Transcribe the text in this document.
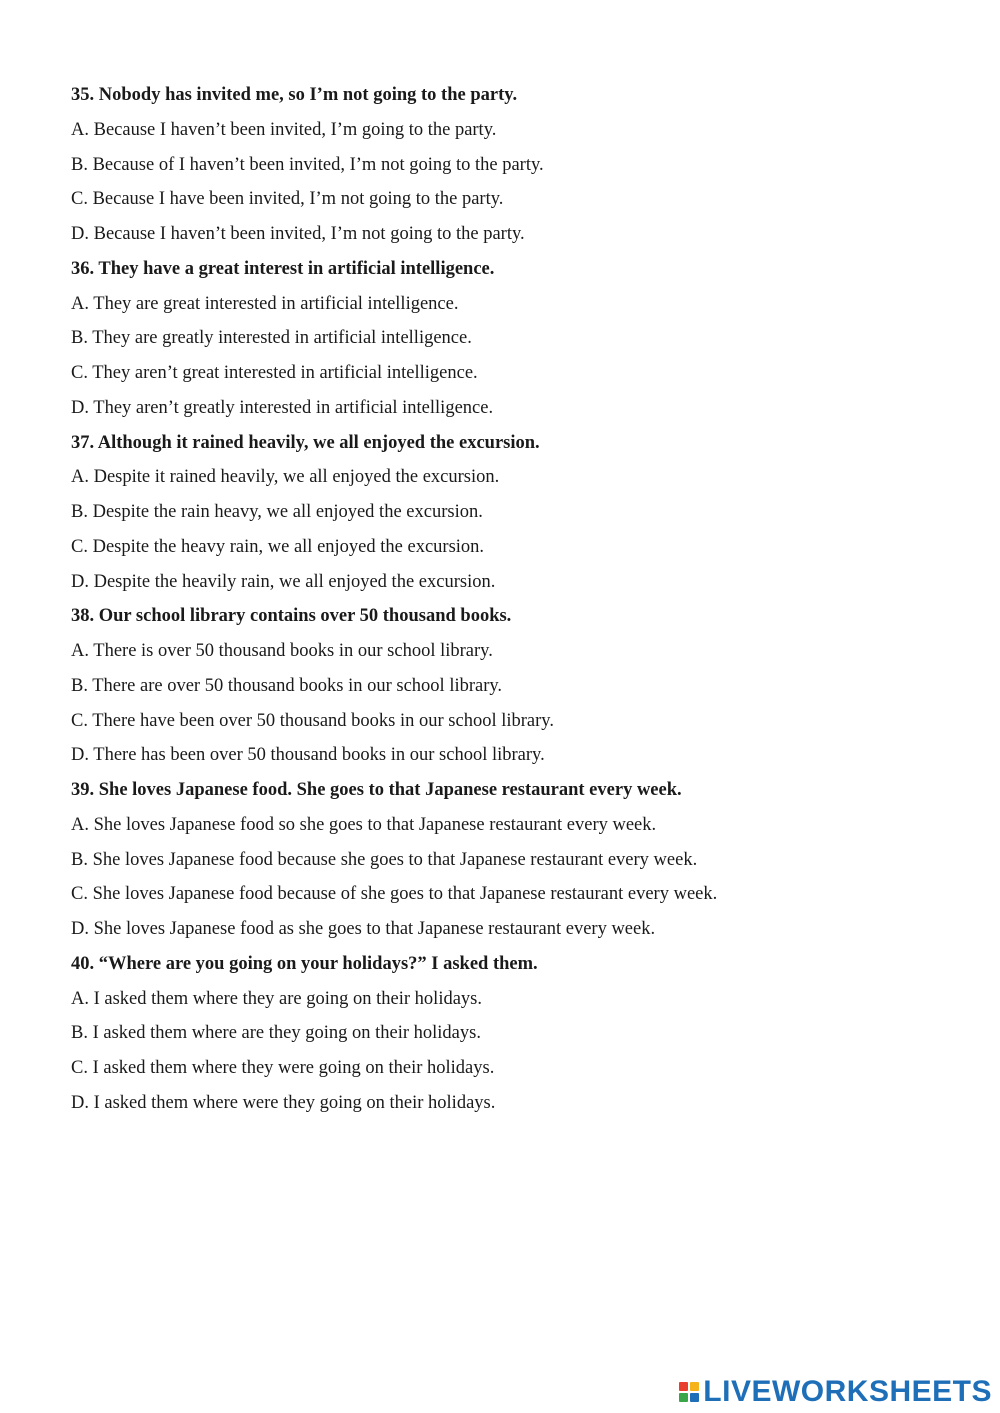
35. Nobody has invited me, so I’m not going to the party.
A. Because I haven’t been invited, I’m going to the party.
B. Because of I haven’t been invited, I’m not going to the party.
C. Because I have been invited, I’m not going to the party.
D. Because I haven’t been invited, I’m not going to the party.
36. They have a great interest in artificial intelligence.
A. They are great interested in artificial intelligence.
B. They are greatly interested in artificial intelligence.
C. They aren’t great interested in artificial intelligence.
D. They aren’t greatly interested in artificial intelligence.
37. Although it rained heavily, we all enjoyed the excursion.
A. Despite it rained heavily, we all enjoyed the excursion.
B. Despite the rain heavy, we all enjoyed the excursion.
C. Despite the heavy rain, we all enjoyed the excursion.
D. Despite the heavily rain, we all enjoyed the excursion.
38. Our school library contains over 50 thousand books.
A. There is over 50 thousand books in our school library.
B. There are over 50 thousand books in our school library.
C. There have been over 50 thousand books in our school library.
D. There has been over 50 thousand books in our school library.
39. She loves Japanese food. She goes to that Japanese restaurant every week.
A. She loves Japanese food so she goes to that Japanese restaurant every week.
B. She loves Japanese food because she goes to that Japanese restaurant every week.
C. She loves Japanese food because of she goes to that Japanese restaurant every week.
D. She loves Japanese food as she goes to that Japanese restaurant every week.
40. “Where are you going on your holidays?” I asked them.
A. I asked them where they are going on their holidays.
B. I asked them where are they going on their holidays.
C. I asked them where they were going on their holidays.
D. I asked them where were they going on their holidays.
LIVEWORKSHEETS
